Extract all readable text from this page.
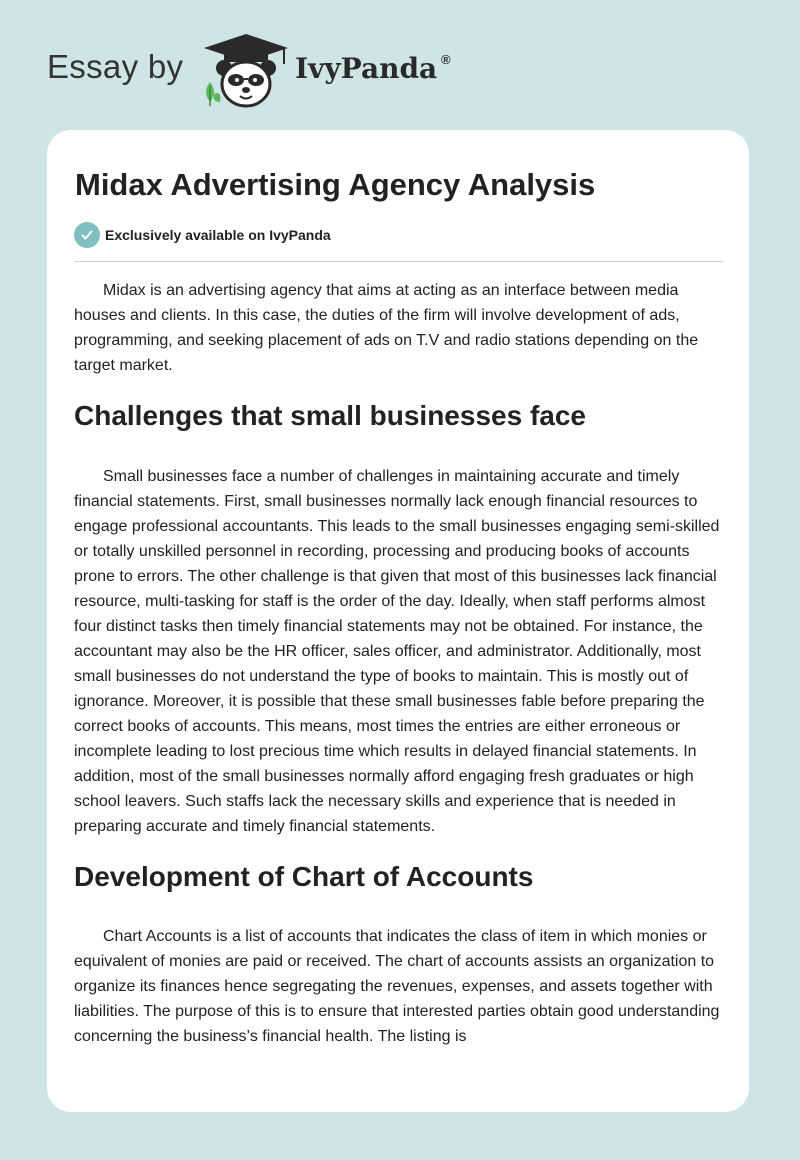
Essay by	IvyPanda ®
Midax Advertising Agency Analysis
Exclusively available on IvyPanda

Midax is an advertising agency that aims at acting as an interface between media houses and clients. In this case, the duties of the firm will involve development of ads, programming, and seeking placement of ads on T.V and radio stations depending on the target market.

Challenges that small businesses face

Small businesses face a number of challenges in maintaining accurate and timely financial statements. First, small businesses normally lack enough financial resources to engage professional accountants. This leads to the small businesses engaging semi-skilled or totally unskilled personnel in recording, processing and producing books of accounts prone to errors. The other challenge is that given that most of this businesses lack financial resource, multi-tasking for staff is the order of the day. Ideally, when staff performs almost four distinct tasks then timely financial statements may not be obtained. For instance, the accountant may also be the HR officer, sales officer, and administrator. Additionally, most small businesses do not understand the type of books to maintain. This is mostly out of ignorance. Moreover, it is possible that these small businesses fable before preparing the correct books of accounts. This means, most times the entries are either erroneous or incomplete leading to lost precious time which results in delayed financial statements. In addition, most of the small businesses normally afford engaging fresh graduates or high school leavers. Such staffs lack the necessary skills and experience that is needed in preparing accurate and timely financial statements.

Development of Chart of Accounts

Chart Accounts is a list of accounts that indicates the class of item in which monies or equivalent of monies are paid or received. The chart of accounts assists an organization to organize its finances hence segregating the revenues, expenses, and assets together with liabilities. The purpose of this is to ensure that interested parties obtain good understanding concerning the business’s financial health. The listing is
